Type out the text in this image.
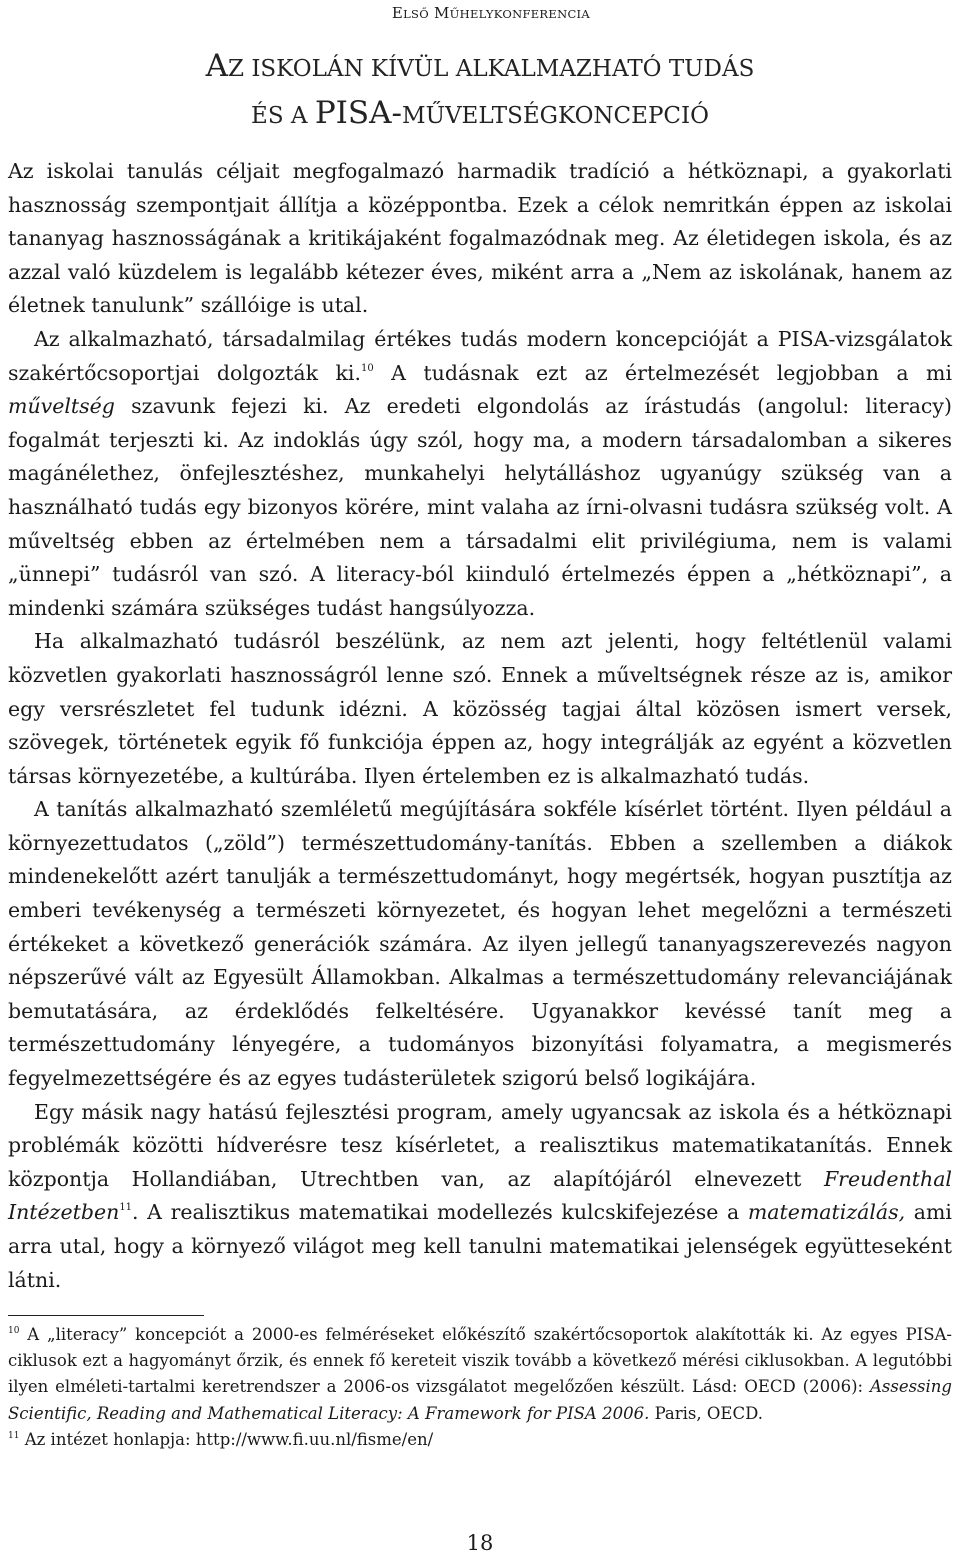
ELSŐ MŰHELYKONFERENCIA
AZ ISKOLÁN KÍVÜL ALKALMAZHATÓ TUDÁS
ÉS A PISA-MŰVELTSÉGKONCEPCIÓ

Az iskolai tanulás céljait megfogalmazó harmadik tradíció a hétköznapi, a gyakorlati hasznosság szempontjait állítja a középpontba. Ezek a célok nemritkán éppen az iskolai tananyag hasznosságának a kritikájaként fogalmazódnak meg. Az életidegen iskola, és az azzal való küzdelem is legalább kétezer éves, miként arra a „Nem az iskolának, hanem az életnek tanulunk” szállóige is utal.

Az alkalmazható, társadalmilag értékes tudás modern koncepcióját a PISA-vizsgálatok szakértőcsoportjai dolgozták ki.$^{10}$ A tudásnak ezt az értelmezését legjobban a mi műveltség szavunk fejezi ki. Az eredeti elgondolás az írástudás (angolul: literacy) fogalmát terjeszti ki. Az indoklás úgy szól, hogy ma, a modern társadalomban a sikeres magánélethez, önfejlesztéshez, munkahelyi helytálláshoz ugyanúgy szükség van a használható tudás egy bizonyos körére, mint valaha az írni-olvasni tudásra szükség volt. A műveltség ebben az értelmében nem a társadalmi elit privilégiuma, nem is valami „ünnepi” tudásról van szó. A literacy-ból kiinduló értelmezés éppen a „hétköznapi”, a mindenki számára szükséges tudást hangsúlyozza.

Ha alkalmazható tudásról beszélünk, az nem azt jelenti, hogy feltétlenül valami közvetlen gyakorlati hasznosságról lenne szó. Ennek a műveltségnek része az is, amikor egy versrészletet fel tudunk idézni. A közösség tagjai által közösen ismert versek, szövegek, történetek egyik fő funkciója éppen az, hogy integrálják az egyént a közvetlen társas környezetébe, a kultúrába. Ilyen értelemben ez is alkalmazható tudás.

A tanítás alkalmazható szemléletű megújítására sokféle kísérlet történt. Ilyen például a környezettudatos („zöld”) természettudomány-tanítás. Ebben a szellemben a diákok mindenekelőtt azért tanulják a természettudományt, hogy megértsék, hogyan pusztítja az emberi tevékenység a természeti környezetet, és hogyan lehet megelőzni a természeti értékeket a következő generációk számára. Az ilyen jellegű tananyagszerevezés nagyon népszerűvé vált az Egyesült Államokban. Alkalmas a természettudomány relevanciájának bemutatására, az érdeklődés felkeltésére. Ugyanakkor kevéssé tanít meg a természettudomány lényegére, a tudományos bizonyítási folyamatra, a megismerés fegyelmezettségére és az egyes tudásterületek szigorú belső logikájára.

Egy másik nagy hatású fejlesztési program, amely ugyancsak az iskola és a hétköznapi problémák közötti hídverésre tesz kísérletet, a realisztikus matematikatanítás. Ennek központja Hollandiában, Utrechtben van, az alapítójáról elnevezett Freudenthal Intézetben$^{11}$. A realisztikus matematikai modellezés kulcskifejezése a matematizálás, ami arra utal, hogy a környező világot meg kell tanulni matematikai jelenségek együtteseként látni.

$^{10}$ A „literacy” koncepciót a 2000-es felméréseket előkészítő szakértőcsoportok alakították ki. Az egyes PISA-ciklusok ezt a hagyományt őrzik, és ennek fő kereteit viszik tovább a következő mérési ciklusokban. A legutóbbi ilyen elméleti-tartalmi keretrendszer a 2006-os vizsgálatot megelőzően készült. Lásd: OECD (2006): Assessing Scientific, Reading and Mathematical Literacy: A Framework for PISA 2006. Paris, OECD.

$^{11}$ Az intézet honlapja: http://www.fi.uu.nl/fisme/en/

18
